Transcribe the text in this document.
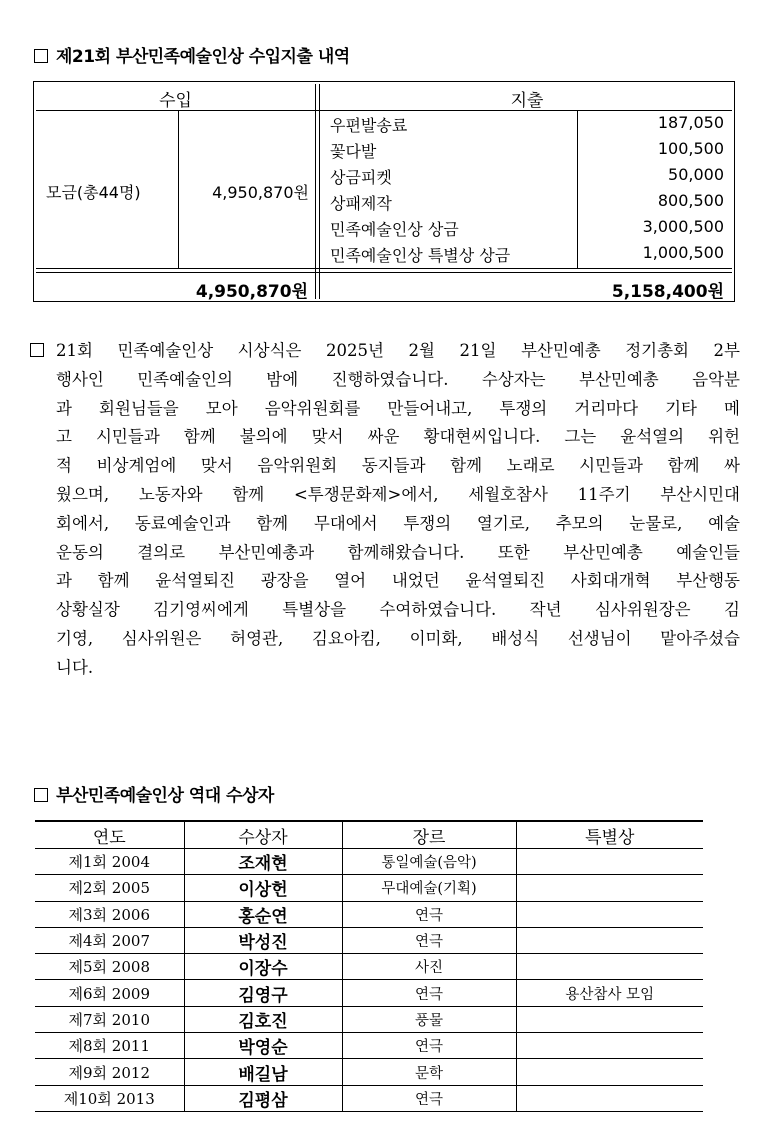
제21회 부산민족예술인상 수입지출 내역
수입	지출
모금(총44명)	4,950,870원
우편발송료	187,050
꽃다발	100,500
상금피켓	50,000
상패제작	800,500
민족예술인상 상금	3,000,500
민족예술인상 특별상 상금	1,000,500
4,950,870원	5,158,400원
21회 민족예술인상 시상식은 2025년 2월 21일 부산민예총 정기총회 2부
행사인 민족예술인의 밤에 진행하였습니다. 수상자는 부산민예총 음악분
과 회원님들을 모아 음악위원회를 만들어내고, 투쟁의 거리마다 기타 메
고 시민들과 함께 불의에 맞서 싸운 황대현씨입니다. 그는 윤석열의 위헌
적 비상계엄에 맞서 음악위원회 동지들과 함께 노래로 시민들과 함께 싸
웠으며, 노동자와 함께 <투쟁문화제>에서, 세월호참사 11주기 부산시민대
회에서, 동료예술인과 함께 무대에서 투쟁의 열기로, 추모의 눈물로, 예술
운동의 결의로 부산민예총과 함께해왔습니다. 또한 부산민예총 예술인들
과 함께 윤석열퇴진 광장을 열어 내었던 윤석열퇴진 사회대개혁 부산행동
상황실장 김기영씨에게 특별상을 수여하였습니다. 작년 심사위원장은 김
기영, 심사위원은 허영관, 김요아킴, 이미화, 배성식 선생님이 맡아주셨습
니다.
부산민족예술인상 역대 수상자
연도	수상자	장르	특별상
제1회 2004	조재현	통일예술(음악)	
제2회 2005	이상헌	무대예술(기획)	
제3회 2006	홍순연	연극	
제4회 2007	박성진	연극	
제5회 2008	이장수	사진	
제6회 2009	김영구	연극	용산참사 모임
제7회 2010	김호진	풍물	
제8회 2011	박영순	연극	
제9회 2012	배길남	문학	
제10회 2013	김평삼	연극	
